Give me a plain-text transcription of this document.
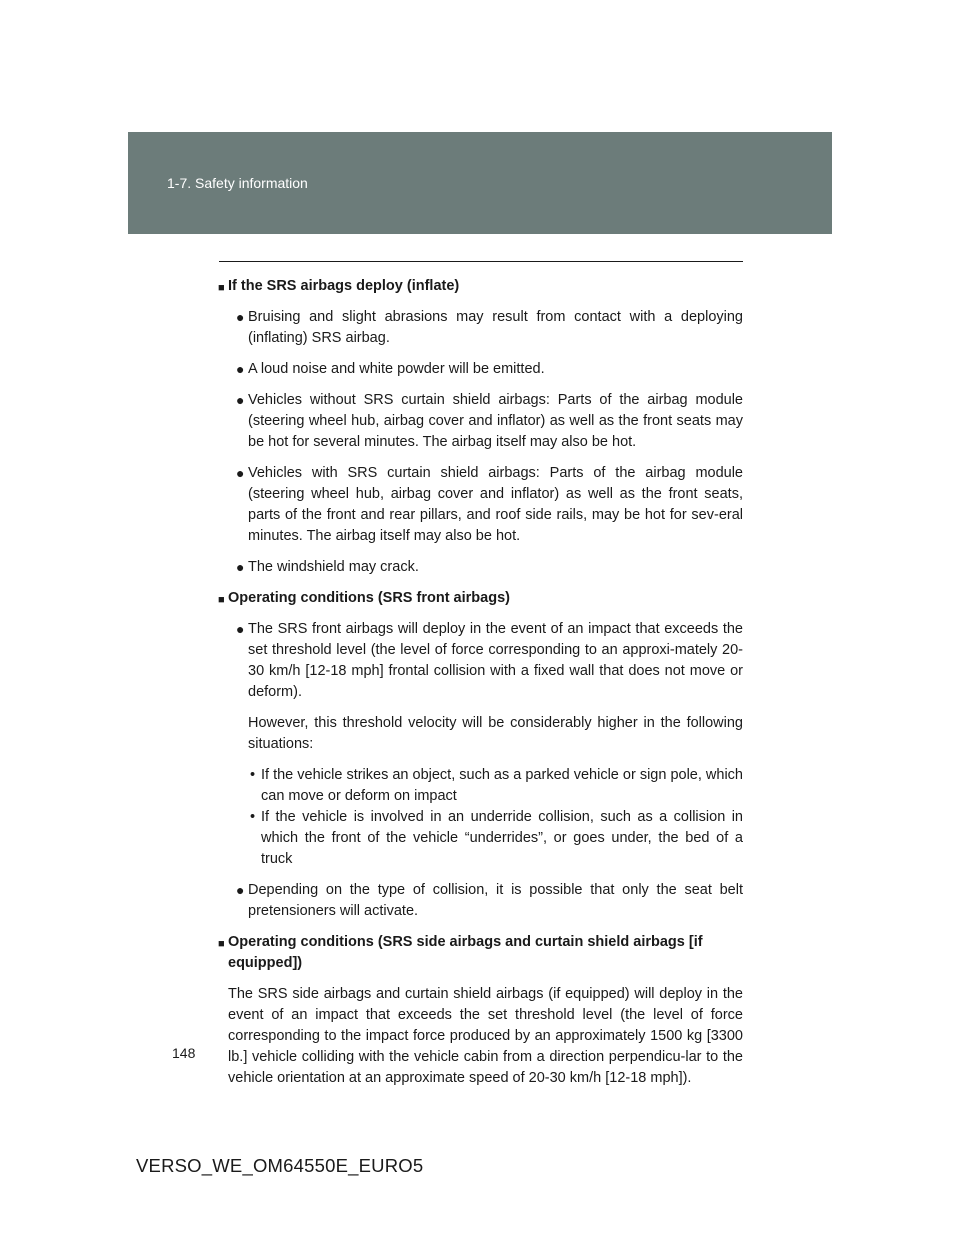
1-7. Safety information
■ If the SRS airbags deploy (inflate)
● Bruising and slight abrasions may result from contact with a deploying (inflating) SRS airbag.
● A loud noise and white powder will be emitted.
● Vehicles without SRS curtain shield airbags: Parts of the airbag module (steering wheel hub, airbag cover and inflator) as well as the front seats may be hot for several minutes. The airbag itself may also be hot.
● Vehicles with SRS curtain shield airbags: Parts of the airbag module (steering wheel hub, airbag cover and inflator) as well as the front seats, parts of the front and rear pillars, and roof side rails, may be hot for sev-eral minutes. The airbag itself may also be hot.
● The windshield may crack.
■ Operating conditions (SRS front airbags)
● The SRS front airbags will deploy in the event of an impact that exceeds the set threshold level (the level of force corresponding to an approxi-mately 20-30 km/h [12-18 mph] frontal collision with a fixed wall that does not move or deform).
However, this threshold velocity will be considerably higher in the following situations:
• If the vehicle strikes an object, such as a parked vehicle or sign pole, which can move or deform on impact
• If the vehicle is involved in an underride collision, such as a collision in which the front of the vehicle “underrides”, or goes under, the bed of a truck
● Depending on the type of collision, it is possible that only the seat belt pretensioners will activate.
■ Operating conditions (SRS side airbags and curtain shield airbags [if equipped])
The SRS side airbags and curtain shield airbags (if equipped) will deploy in the event of an impact that exceeds the set threshold level (the level of force corresponding to the impact force produced by an approximately 1500 kg [3300 lb.] vehicle colliding with the vehicle cabin from a direction perpendicu-lar to the vehicle orientation at an approximate speed of 20-30 km/h [12-18 mph]).
148
VERSO_WE_OM64550E_EURO5
